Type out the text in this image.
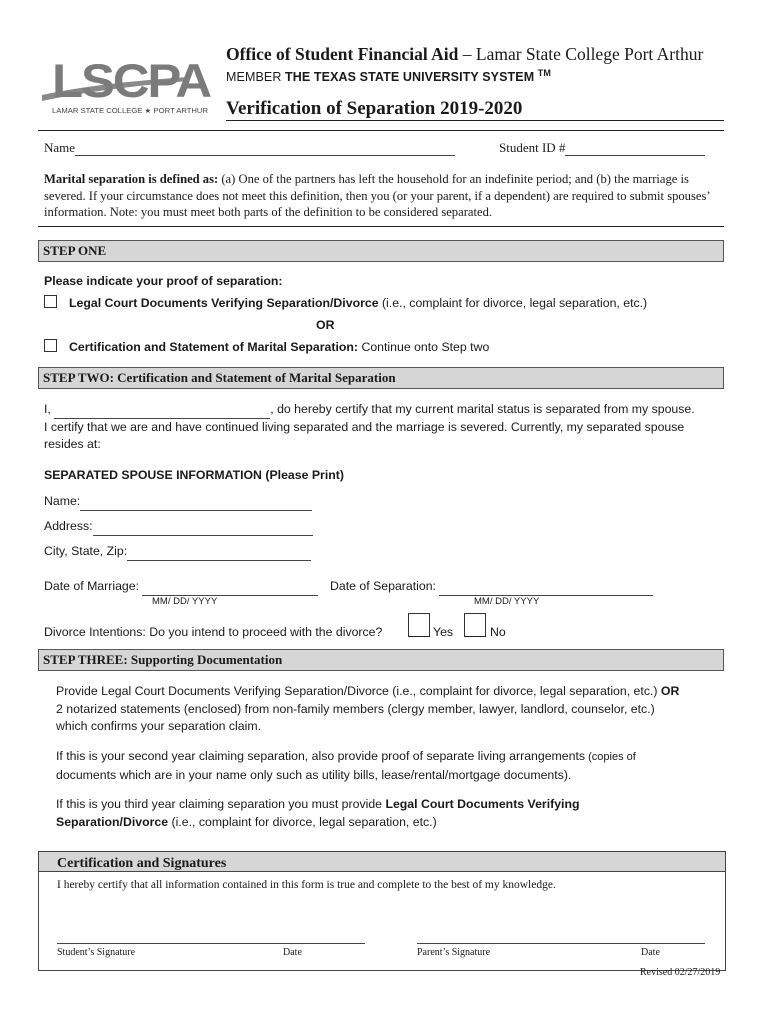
LSCPA
LAMAR STATE COLLEGE ★ PORT ARTHUR
Office of Student Financial Aid – Lamar State College Port Arthur
MEMBER THE TEXAS STATE UNIVERSITY SYSTEM ™
Verification of Separation 2019-2020
Name	Student ID #
Marital separation is defined as: (a) One of the partners has left the household for an indefinite period; and (b) the marriage is severed. If your circumstance does not meet this definition, then you (or your parent, if a dependent) are required to submit spouses’ information. Note: you must meet both parts of the definition to be considered separated.
STEP ONE
Please indicate your proof of separation:
Legal Court Documents Verifying Separation/Divorce (i.e., complaint for divorce, legal separation, etc.)
OR
Certification and Statement of Marital Separation: Continue onto Step two
STEP TWO: Certification and Statement of Marital Separation
I,	, do hereby certify that my current marital status is separated from my spouse.
I certify that we are and have continued living separated and the marriage is severed. Currently, my separated spouse
resides at:
SEPARATED SPOUSE INFORMATION (Please Print)
Name:
Address:
City, State, Zip:
Date of Marriage:	Date of Separation:
MM/ DD/ YYYY	MM/ DD/ YYYY
Divorce Intentions: Do you intend to proceed with the divorce?	Yes	No
STEP THREE: Supporting Documentation
Provide Legal Court Documents Verifying Separation/Divorce (i.e., complaint for divorce, legal separation, etc.) OR
2 notarized statements (enclosed) from non-family members (clergy member, lawyer, landlord, counselor, etc.)
which confirms your separation claim.
If this is your second year claiming separation, also provide proof of separate living arrangements (copies of
documents which are in your name only such as utility bills, lease/rental/mortgage documents).
If this is you third year claiming separation you must provide Legal Court Documents Verifying
Separation/Divorce (i.e., complaint for divorce, legal separation, etc.)
Certification and Signatures
I hereby certify that all information contained in this form is true and complete to the best of my knowledge.
Student’s Signature	Date	Parent’s Signature	Date
Revised 02/27/2019
